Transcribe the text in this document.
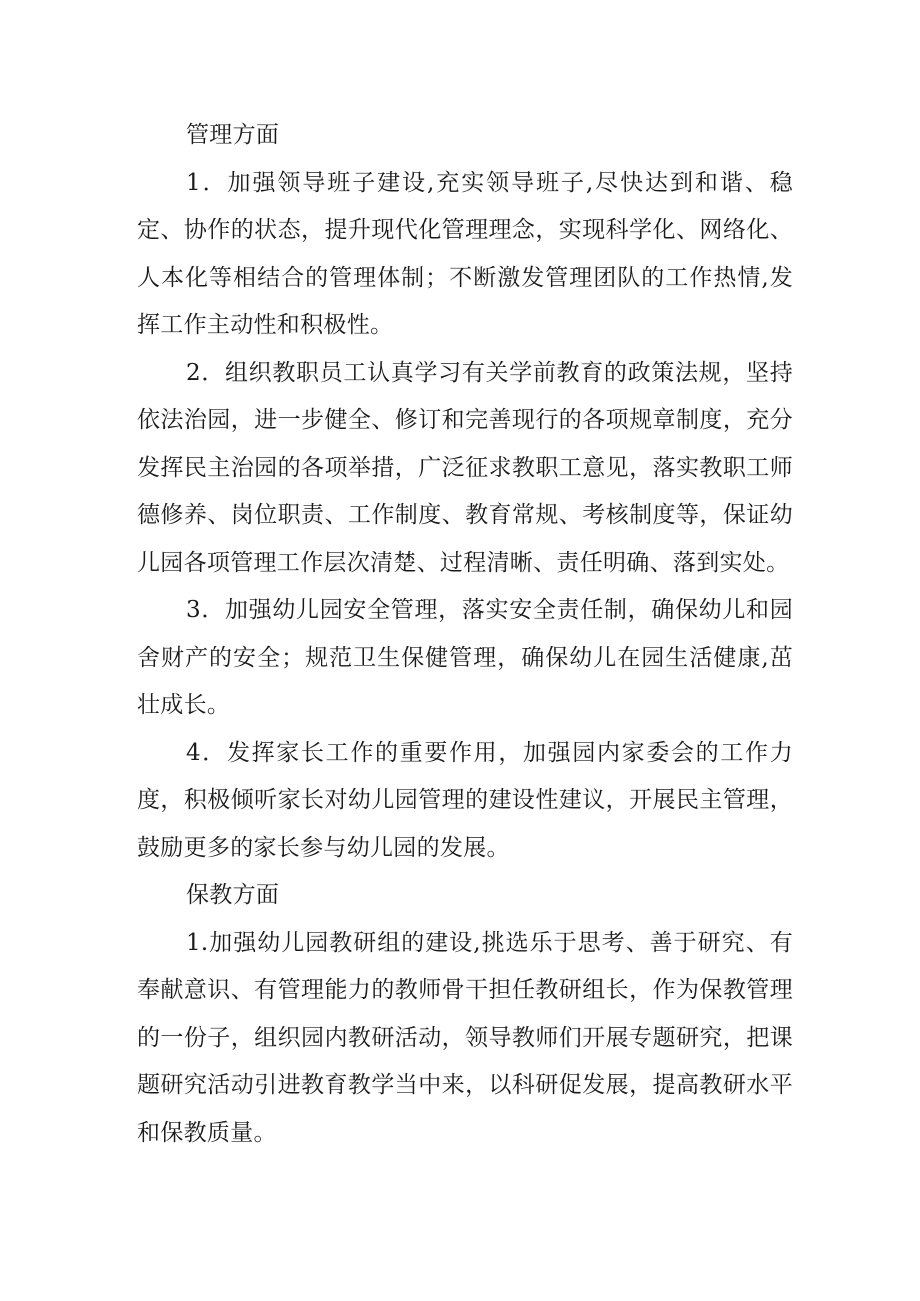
管理方面

1．加强领导班子建设,充实领导班子,尽快达到和谐、稳定、协作的状态，提升现代化管理理念，实现科学化、网络化、人本化等相结合的管理体制；不断激发管理团队的工作热情,发挥工作主动性和积极性。

2．组织教职员工认真学习有关学前教育的政策法规，坚持依法治园，进一步健全、修订和完善现行的各项规章制度，充分发挥民主治园的各项举措，广泛征求教职工意见，落实教职工师德修养、岗位职责、工作制度、教育常规、考核制度等，保证幼儿园各项管理工作层次清楚、过程清晰、责任明确、落到实处。

3．加强幼儿园安全管理，落实安全责任制，确保幼儿和园舍财产的安全；规范卫生保健管理，确保幼儿在园生活健康,茁壮成长。

4．发挥家长工作的重要作用，加强园内家委会的工作力度，积极倾听家长对幼儿园管理的建设性建议，开展民主管理，鼓励更多的家长参与幼儿园的发展。

保教方面

1.加强幼儿园教研组的建设,挑选乐于思考、善于研究、有奉献意识、有管理能力的教师骨干担任教研组长，作为保教管理的一份子，组织园内教研活动，领导教师们开展专题研究，把课题研究活动引进教育教学当中来，以科研促发展，提高教研水平和保教质量。
